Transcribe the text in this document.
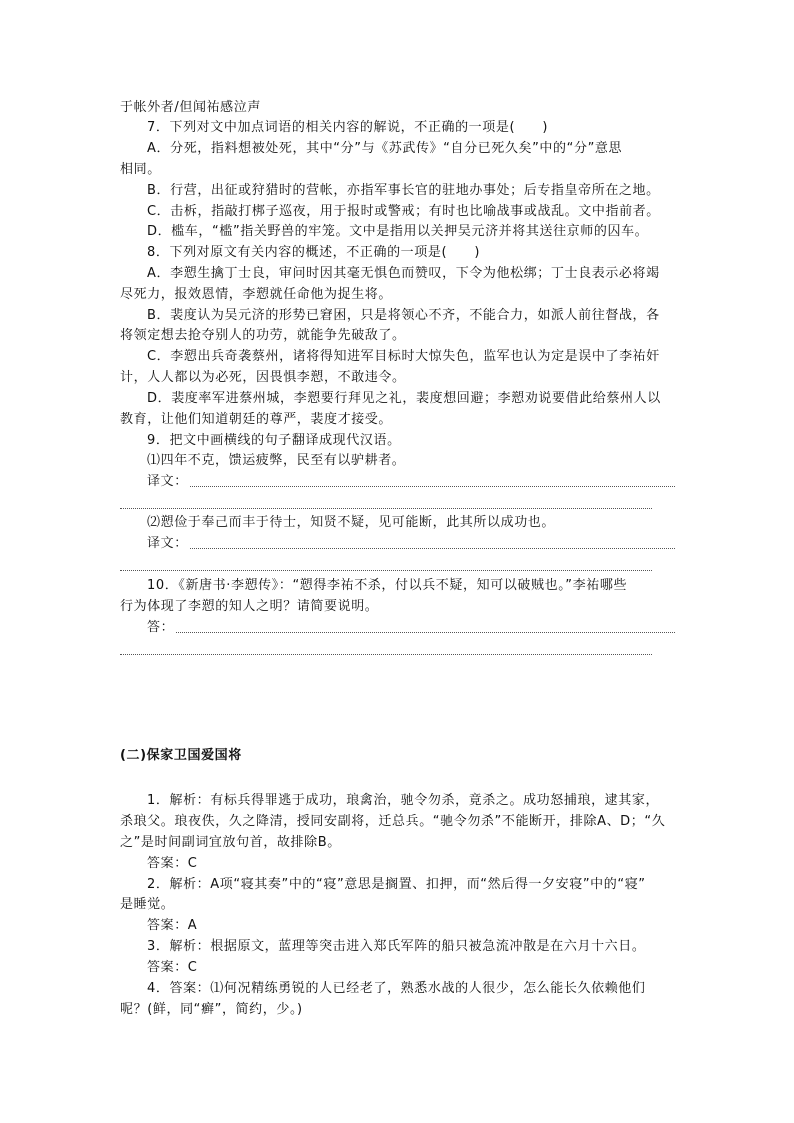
于帐外者/但闻祐感泣声
7．下列对文中加点词语的相关内容的解说，不正确的一项是(　　)
A．分死，指料想被处死，其中“分”与《苏武传》“自分已死久矣”中的“分”意思
相同。
B．行营，出征或狩猎时的营帐，亦指军事长官的驻地办事处；后专指皇帝所在之地。
C．击柝，指敲打梆子巡夜，用于报时或警戒；有时也比喻战事或战乱。文中指前者。
D．槛车，“槛”指关野兽的牢笼。文中是指用以关押吴元济并将其送往京师的囚车。
8．下列对原文有关内容的概述，不正确的一项是(　　)
A．李愬生擒丁士良，审问时因其毫无惧色而赞叹，下令为他松绑；丁士良表示必将竭
尽死力，报效恩情，李愬就任命他为捉生将。
B．裴度认为吴元济的形势已窘困，只是将领心不齐，不能合力，如派人前往督战，各
将领定想去抢夺别人的功劳，就能争先破敌了。
C．李愬出兵奇袭蔡州，诸将得知进军目标时大惊失色，监军也认为定是误中了李祐奸
计，人人都以为必死，因畏惧李愬，不敢违令。
D．裴度率军进蔡州城，李愬要行拜见之礼，裴度想回避；李愬劝说要借此给蔡州人以
教育，让他们知道朝廷的尊严，裴度才接受。
9．把文中画横线的句子翻译成现代汉语。
⑴四年不克，馈运疲弊，民至有以驴耕者。
译文：
⑵愬俭于奉己而丰于待士，知贤不疑，见可能断，此其所以成功也。
译文：
10．《新唐书·李愬传》：“愬得李祐不杀，付以兵不疑，知可以破贼也。”李祐哪些
行为体现了李愬的知人之明？请简要说明。
答：
(二)保家卫国爱国将
1．解析：有标兵得罪逃于成功，琅禽治，驰令勿杀，竟杀之。成功怒捕琅，逮其家，
杀琅父。琅夜佚，久之降清，授同安副将，迁总兵。“驰令勿杀”不能断开，排除A、D；“久
之”是时间副词宜放句首，故排除B。
答案：C
2．解析：A项“寝其奏”中的“寝”意思是搁置、扣押，而“然后得一夕安寝”中的“寝”
是睡觉。
答案：A
3．解析：根据原文，蓝理等突击进入郑氏军阵的船只被急流冲散是在六月十六日。
答案：C
4．答案：⑴何况精练勇锐的人已经老了，熟悉水战的人很少，怎么能长久依赖他们
呢？(鲜，同“癣”，简约，少。)
